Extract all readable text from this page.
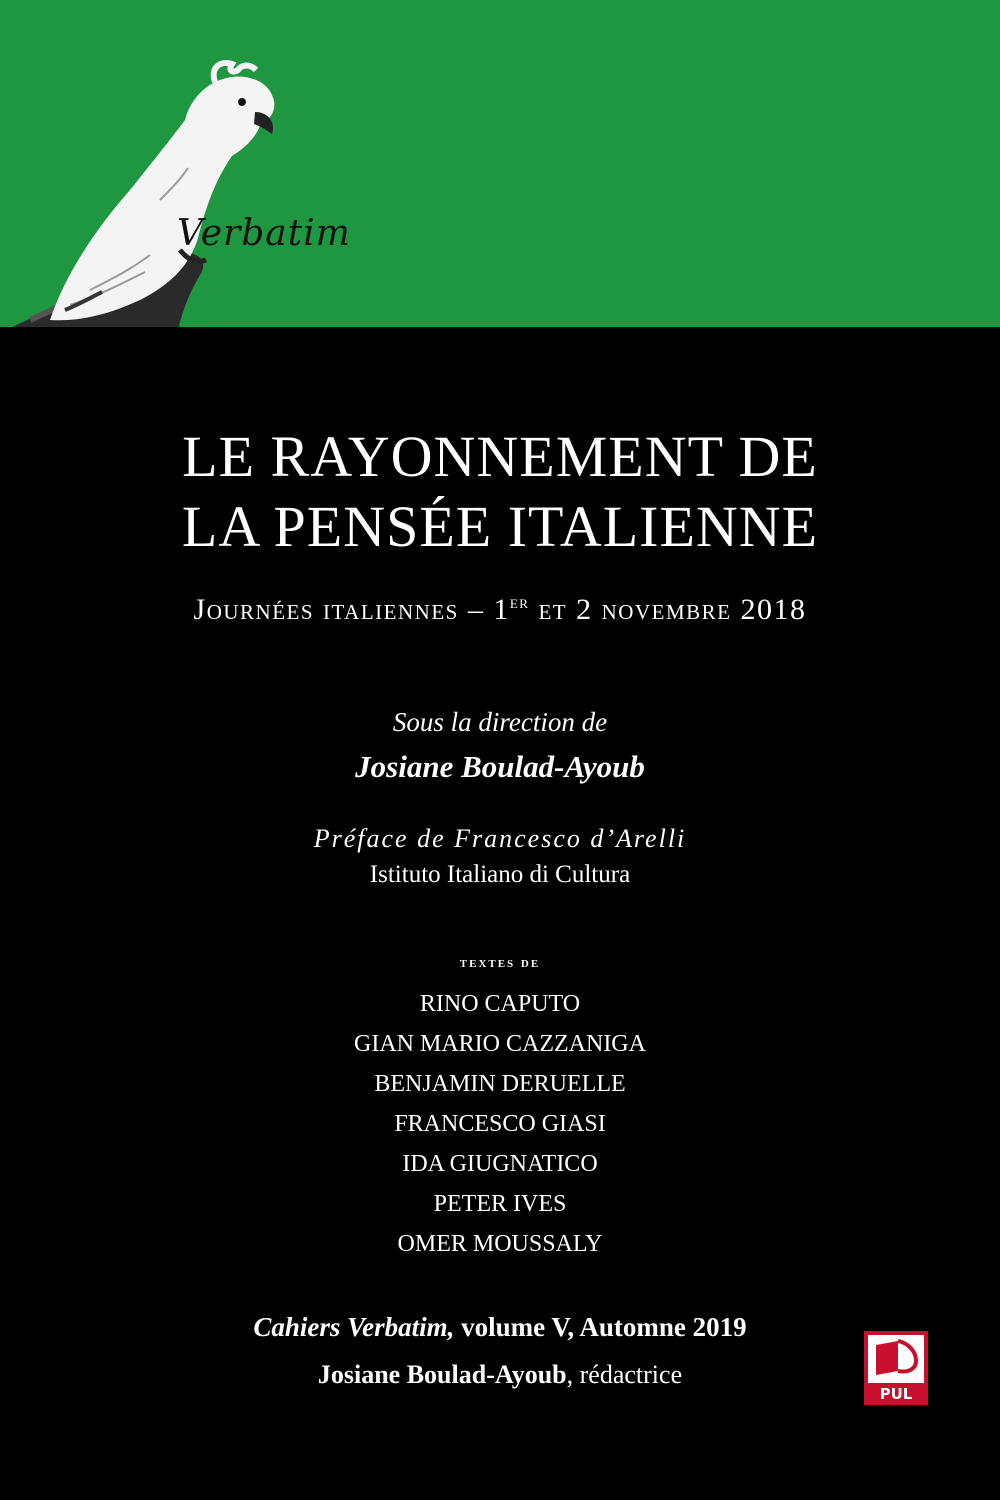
Verbatim
LE RAYONNEMENT DE
LA PENSÉE ITALIENNE
Journées italiennes – 1er et 2 novembre 2018
Sous la direction de
Josiane Boulad-Ayoub
Préface de Francesco d’Arelli
Istituto Italiano di Cultura
textes de
RINO CAPUTO
GIAN MARIO CAZZANIGA
BENJAMIN DERUELLE
FRANCESCO GIASI
IDA GIUGNATICO
PETER IVES
OMER MOUSSALY
Cahiers Verbatim, volume V, Automne 2019
Josiane Boulad-Ayoub, rédactrice
PUL
